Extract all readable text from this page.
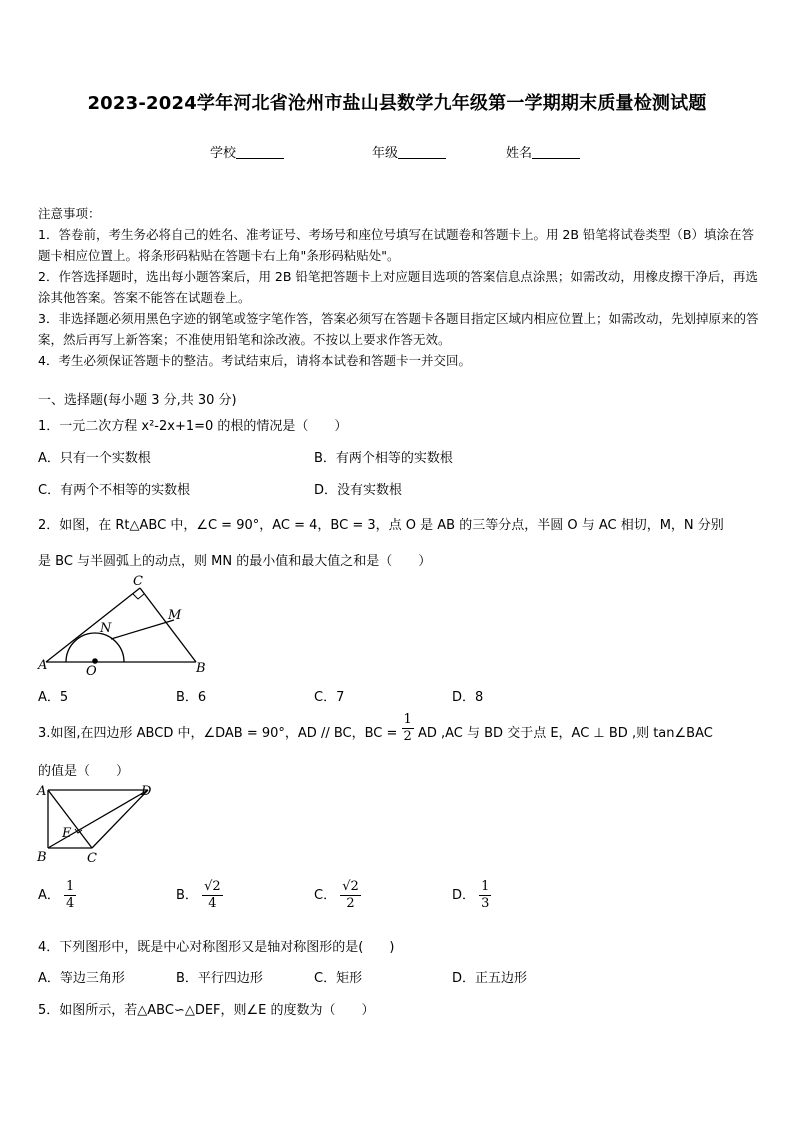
2023-2024学年河北省沧州市盐山县数学九年级第一学期期末质量检测试题
学校	年级	姓名

注意事项：

1．答卷前，考生务必将自己的姓名、准考证号、考场号和座位号填写在试题卷和答题卡上。用 2B 铅笔将试卷类型（B）填涂在答题卡相应位置上。将条形码粘贴在答题卡右上角"条形码粘贴处"。

2．作答选择题时，选出每小题答案后，用 2B 铅笔把答题卡上对应题目选项的答案信息点涂黑；如需改动，用橡皮擦干净后，再选涂其他答案。答案不能答在试题卷上。

3．非选择题必须用黑色字迹的钢笔或签字笔作答，答案必须写在答题卡各题目指定区域内相应位置上；如需改动，先划掉原来的答案，然后再写上新答案；不准使用铅笔和涂改液。不按以上要求作答无效。

4．考生必须保证答题卡的整洁。考试结束后，请将本试卷和答题卡一并交回。

一、选择题(每小题 3 分,共 30 分)
1．一元二次方程 x²-2x+1=0 的根的情况是（　　）
A．只有一个实数根	B．有两个相等的实数根
C．有两个不相等的实数根	D．没有实数根
2．如图，在 Rt△ABC 中，∠C = 90°，AC = 4，BC = 3，点 O 是 AB 的三等分点，半圆 O 与 AC 相切，M，N 分别
是 BC 与半圆弧上的动点，则 MN 的最小值和最大值之和是（　　）
A	B
C
O
M
N
A．5	B．6	C．7	D．8
3.如图,在四边形 ABCD 中，∠DAB = 90°，AD // BC，BC = $\frac{1}{2}$ AD ,AC 与 BD 交于点 E，AC ⊥ BD ,则 tan∠BAC
的值是（　　）
A
B	C
D
E
A． $\frac{1}{4}$	B． $\frac{√2}{4}$	C． $\frac{√2}{2}$	D． $\frac{1}{3}$
4．下列图形中，既是中心对称图形又是轴对称图形的是(　　)
A．等边三角形	B．平行四边形	C．矩形	D．正五边形
5．如图所示，若△ABC∽△DEF，则∠E 的度数为（　　）
